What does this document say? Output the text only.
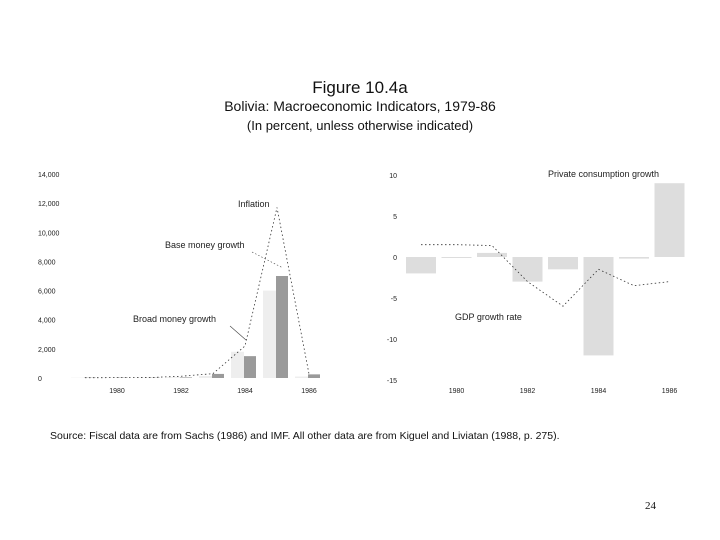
Figure 10.4a
Bolivia: Macroeconomic Indicators, 1979-86
(In percent, unless otherwise indicated)
14,000
12,000
10,000
8,000
6,000
4,000
2,000
0
1980	1982	1984	1986
Inflation
Base money growth
Broad money growth
10
5
0
-5
-10
-15
1980	1982	1984	1986
Private consumption growth
GDP growth rate
Source: Fiscal data are from Sachs (1986) and IMF. All other data are from Kiguel and Liviatan (1988, p. 275).
24
